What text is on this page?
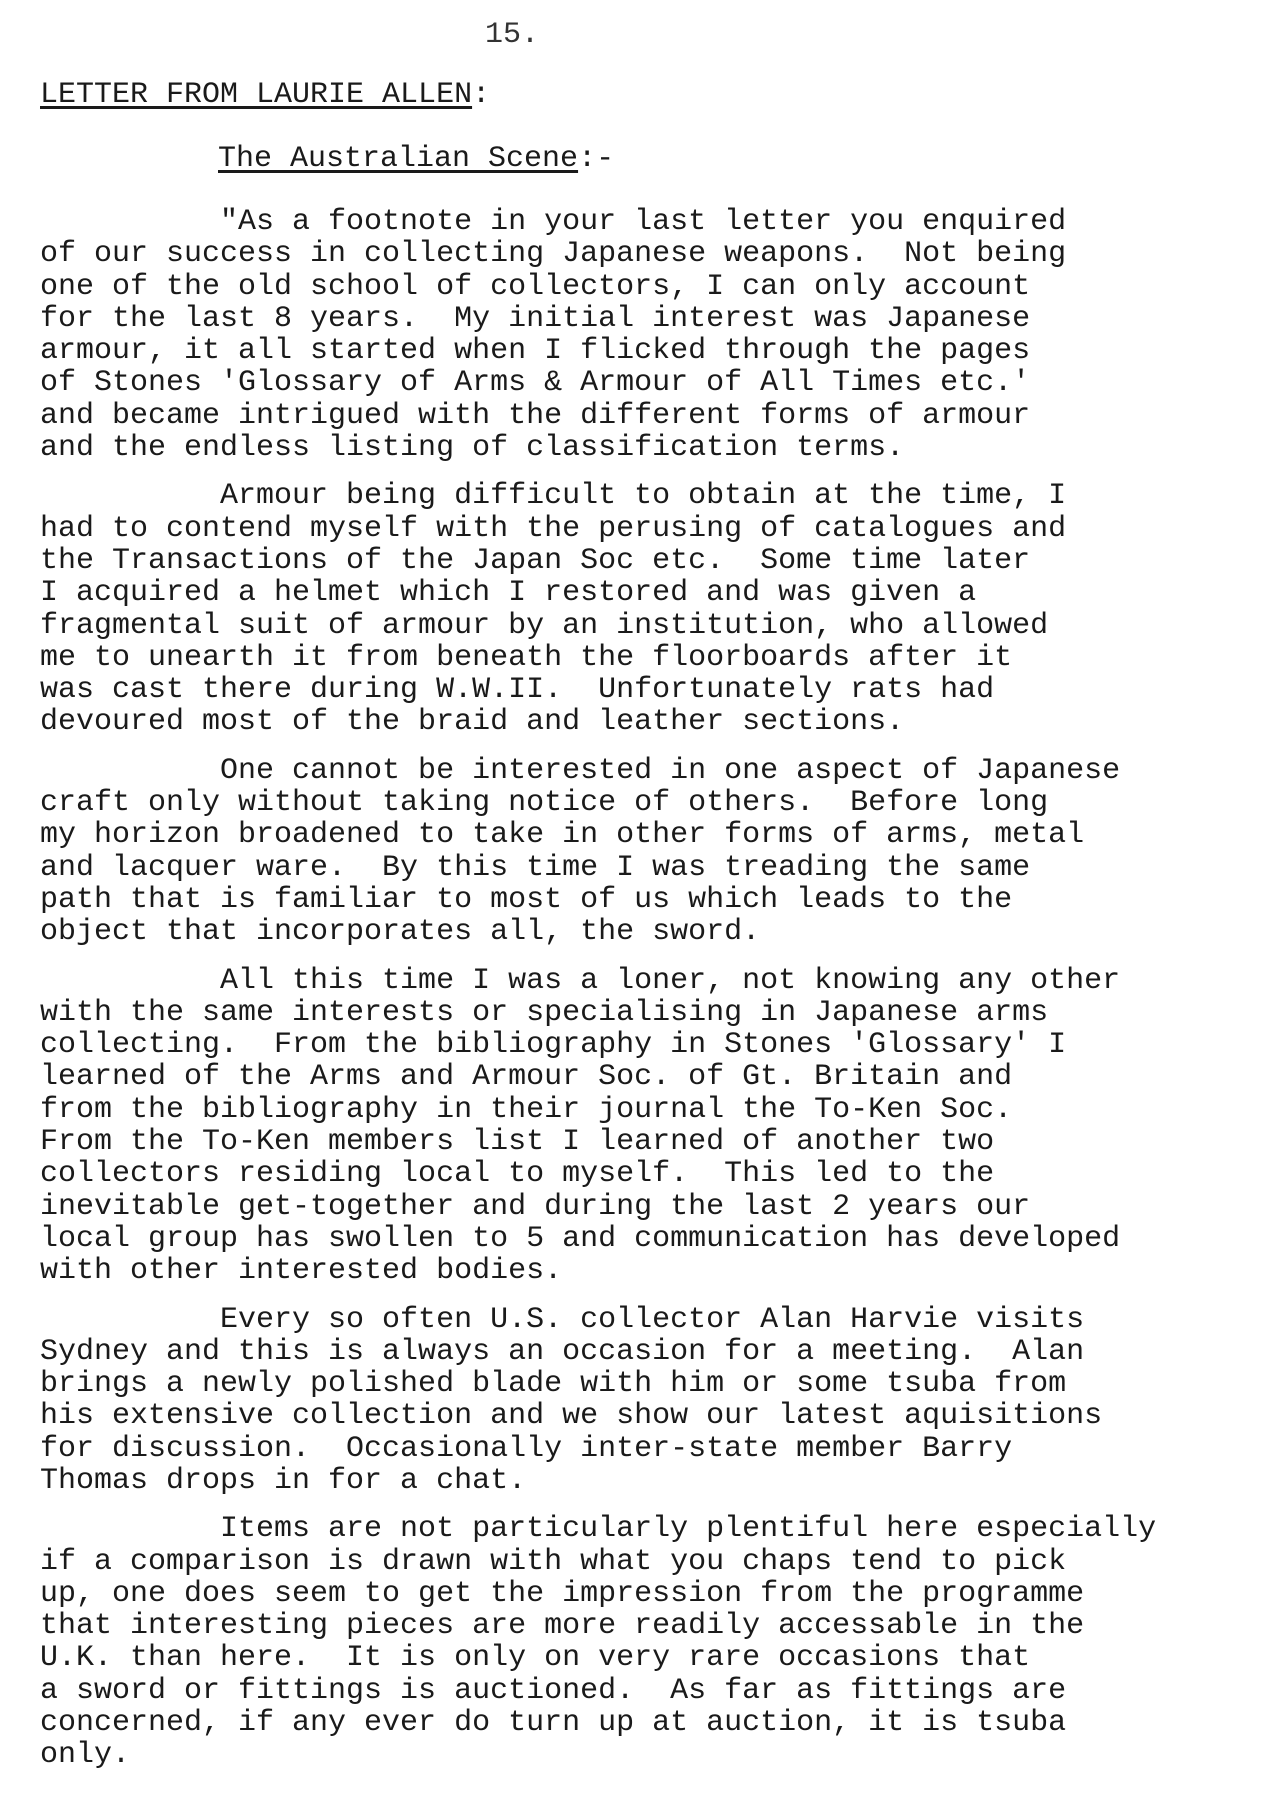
15.
LETTER FROM LAURIE ALLEN:
The Australian Scene:-
"As a footnote in your last letter you enquired
of our success in collecting Japanese weapons.  Not being
one of the old school of collectors, I can only account
for the last 8 years.  My initial interest was Japanese
armour, it all started when I flicked through the pages
of Stones 'Glossary of Arms & Armour of All Times etc.'
and became intrigued with the different forms of armour
and the endless listing of classification terms.
Armour being difficult to obtain at the time, I
had to contend myself with the perusing of catalogues and
the Transactions of the Japan Soc etc.  Some time later
I acquired a helmet which I restored and was given a
fragmental suit of armour by an institution, who allowed
me to unearth it from beneath the floorboards after it
was cast there during W.W.II.  Unfortunately rats had
devoured most of the braid and leather sections.
One cannot be interested in one aspect of Japanese
craft only without taking notice of others.  Before long
my horizon broadened to take in other forms of arms, metal
and lacquer ware.  By this time I was treading the same
path that is familiar to most of us which leads to the
object that incorporates all, the sword.
All this time I was a loner, not knowing any other
with the same interests or specialising in Japanese arms
collecting.  From the bibliography in Stones 'Glossary' I
learned of the Arms and Armour Soc. of Gt. Britain and
from the bibliography in their journal the To-Ken Soc.
From the To-Ken members list I learned of another two
collectors residing local to myself.  This led to the
inevitable get-together and during the last 2 years our
local group has swollen to 5 and communication has developed
with other interested bodies.
Every so often U.S. collector Alan Harvie visits
Sydney and this is always an occasion for a meeting.  Alan
brings a newly polished blade with him or some tsuba from
his extensive collection and we show our latest aquisitions
for discussion.  Occasionally inter-state member Barry
Thomas drops in for a chat.
Items are not particularly plentiful here especially
if a comparison is drawn with what you chaps tend to pick
up, one does seem to get the impression from the programme
that interesting pieces are more readily accessable in the
U.K. than here.  It is only on very rare occasions that
a sword or fittings is auctioned.  As far as fittings are
concerned, if any ever do turn up at auction, it is tsuba
only.
